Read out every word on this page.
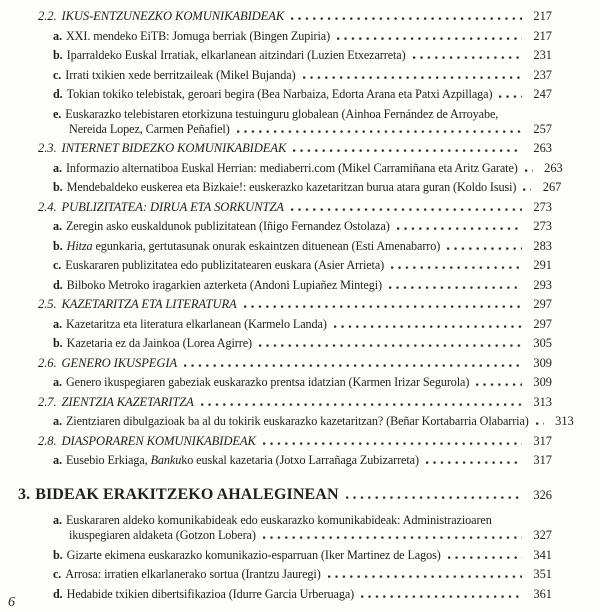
2.2. IKUS-ENTZUNEZKO KOMUNIKABIDEAK	217
a. XXI. mendeko EiTB: Jomuga berriak (Bingen Zupiria)	217
b. Iparraldeko Euskal Irratiak, elkarlanean aitzindari (Luzien Etxezarreta)	231
c. Irrati txikien xede berritzaileak (Mikel Bujanda)	237
d. Tokian tokiko telebistak, geroari begira (Bea Narbaiza, Edorta Arana eta Patxi Azpillaga)	247
e. Euskarazko telebistaren etorkizuna testuinguru globalean (Ainhoa Fernández de Arroyabe,
Nereida Lopez, Carmen Peñafiel)	257
2.3. INTERNET BIDEZKO KOMUNIKABIDEAK	263
a. Informazio alternatiboa Euskal Herrian: mediaberri.com (Mikel Carramiñana eta Aritz Garate)	263
b. Mendebaldeko euskerea eta Bizkaie!: euskerazko kazetaritzan burua atara guran (Koldo Isusi)	267
2.4. PUBLIZITATEA: DIRUA ETA SORKUNTZA	273
a. Zeregin asko euskaldunok publizitatean (Iñigo Fernandez Ostolaza)	273
b. Hitza egunkaria, gertutasunak onurak eskaintzen dituenean (Esti Amenabarro)	283
c. Euskararen publizitatea edo publizitatearen euskara (Asier Arrieta)	291
d. Bilboko Metroko iragarkien azterketa (Andoni Lupiañez Mintegi)	293
2.5. KAZETARITZA ETA LITERATURA	297
a. Kazetaritza eta literatura elkarlanean (Karmelo Landa)	297
b. Kazetaria ez da Jainkoa (Lorea Agirre)	305
2.6. GENERO IKUSPEGIA	309
a. Genero ikuspegiaren gabeziak euskarazko prentsa idatzian (Karmen Irizar Segurola)	309
2.7. ZIENTZIA KAZETARITZA	313
a. Zientziaren dibulgazioak ba al du tokirik euskarazko kazetaritzan? (Beñar Kortabarria Olabarria)	313
2.8. DIASPORAREN KOMUNIKABIDEAK	317
a. Eusebio Erkiaga, Bankuko euskal kazetaria (Jotxo Larrañaga Zubizarreta)	317
3. BIDEAK ERAKITZEKO AHALEGINEAN	326
a. Euskararen aldeko komunikabideak edo euskarazko komunikabideak: Administrazioaren
ikuspegiaren aldaketa (Gotzon Lobera)	327
b. Gizarte ekimena euskarazko komunikazio-esparruan (Iker Martinez de Lagos)	341
c. Arrosa: irratien elkarlanerako sortua (Irantzu Jauregi)	351
d. Hedabide txikien dibertsifikazioa (Idurre Garcia Urberuaga)	361
6
